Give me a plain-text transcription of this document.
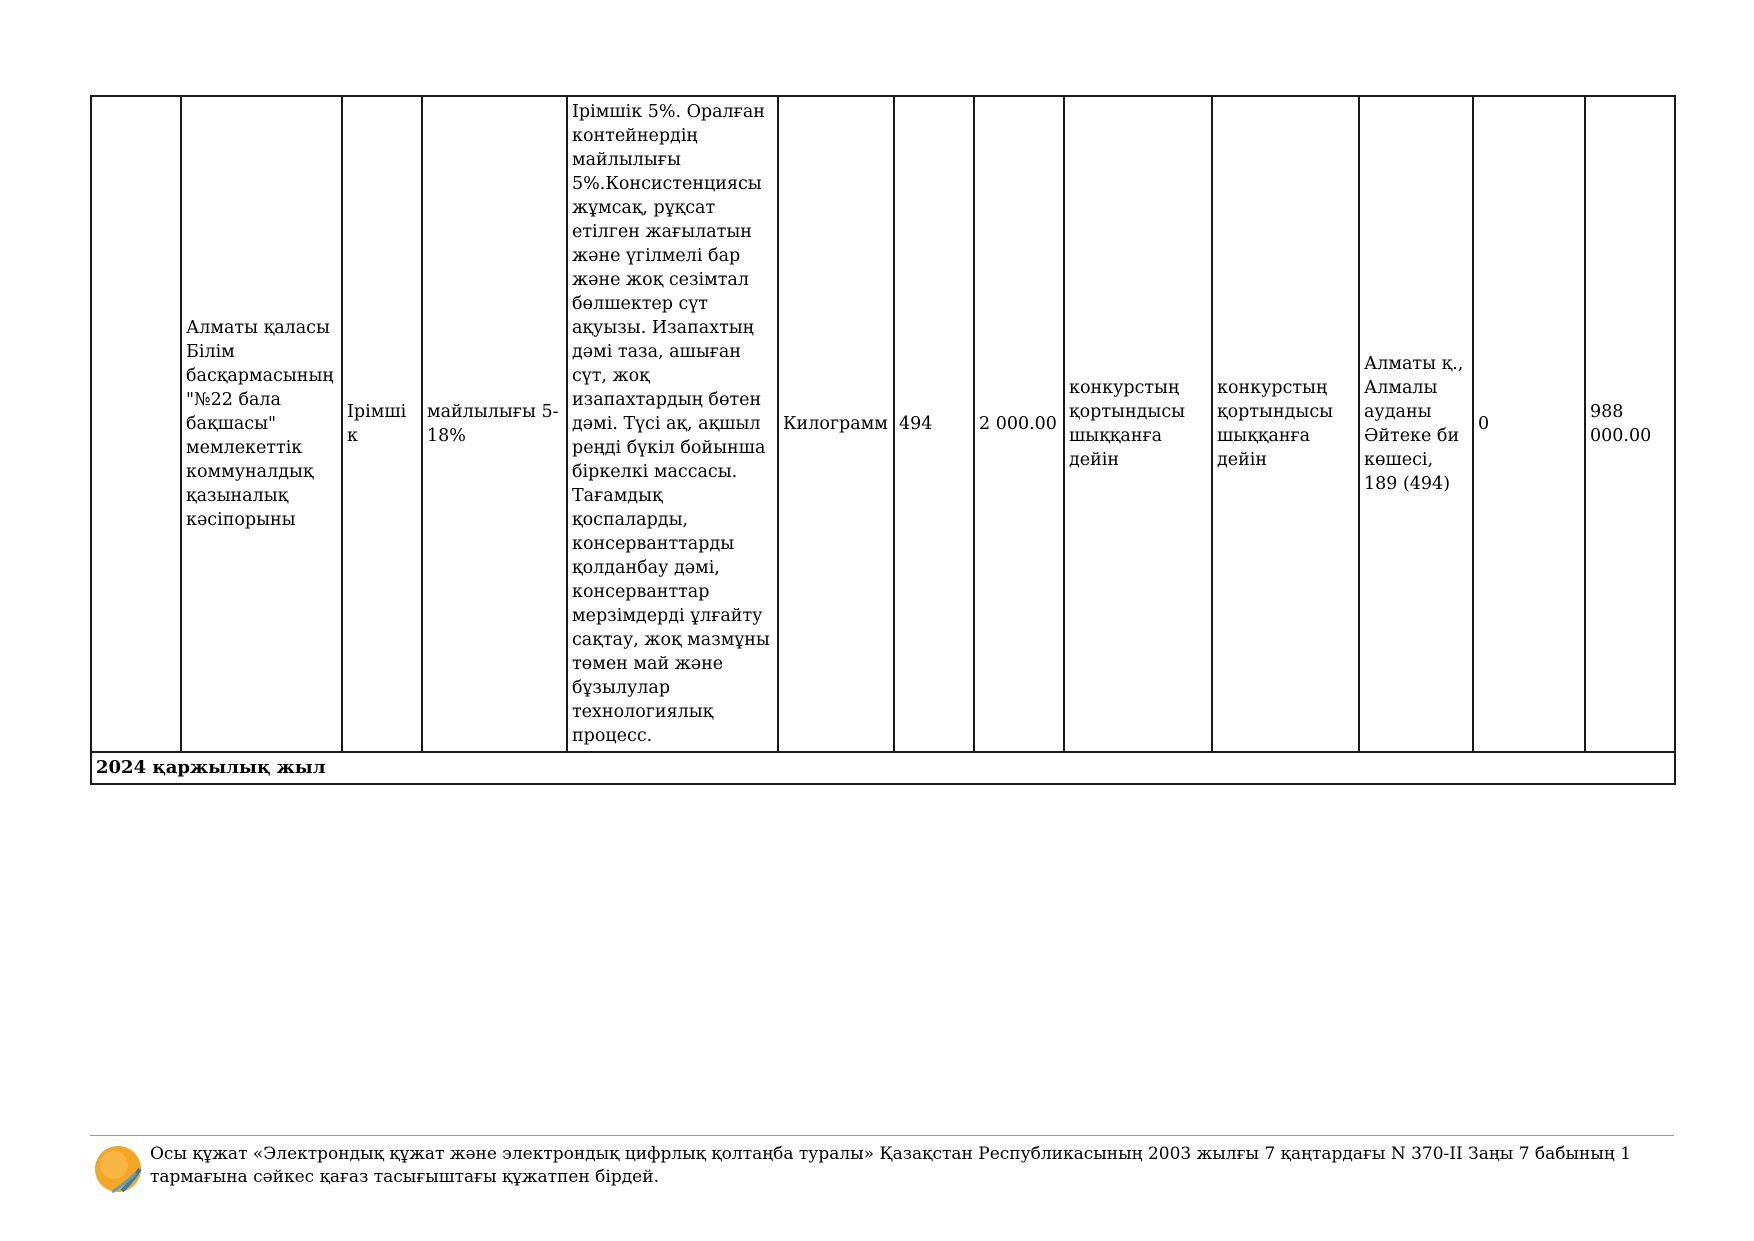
	Алматы қаласы Білім басқармасының "№22 бала бақшасы" мемлекеттік коммуналдық қазыналық кәсіпорыны	Ірімшік	майлылығы 5-18%	Ірімшік 5%. Оралған контейнердің майлылығы 5%.Консистенциясы жұмсақ, рұқсат етілген жағылатын және үгілмелі бар және жоқ сезімтал бөлшектер сүт ақуызы. Изапахтың дәмі таза, ашыған сүт, жоқ изапахтардың бөтен дәмі. Түсі ақ, ақшыл реңді бүкіл бойынша біркелкі массасы. Тағамдық қоспаларды, консерванттарды қолданбау дәмі, консерванттар мерзімдерді ұлғайту сақтау, жоқ мазмұны төмен май және бұзылулар технологиялық процесс.	Килограмм	494	2 000.00	конкурстың қортындысы шыққанға дейін	конкурстың қортындысы шыққанға дейін	Алматы қ., Алмалы ауданы Әйтеке би көшесі, 189 (494)	0	988 000.00
2024 қаржылық жыл
Осы құжат «Электрондық құжат және электрондық цифрлық қолтаңба туралы» Қазақстан Республикасының 2003 жылғы 7 қаңтардағы N 370-II Заңы 7 бабының 1 тармағына сәйкес қағаз тасығыштағы құжатпен бірдей.
